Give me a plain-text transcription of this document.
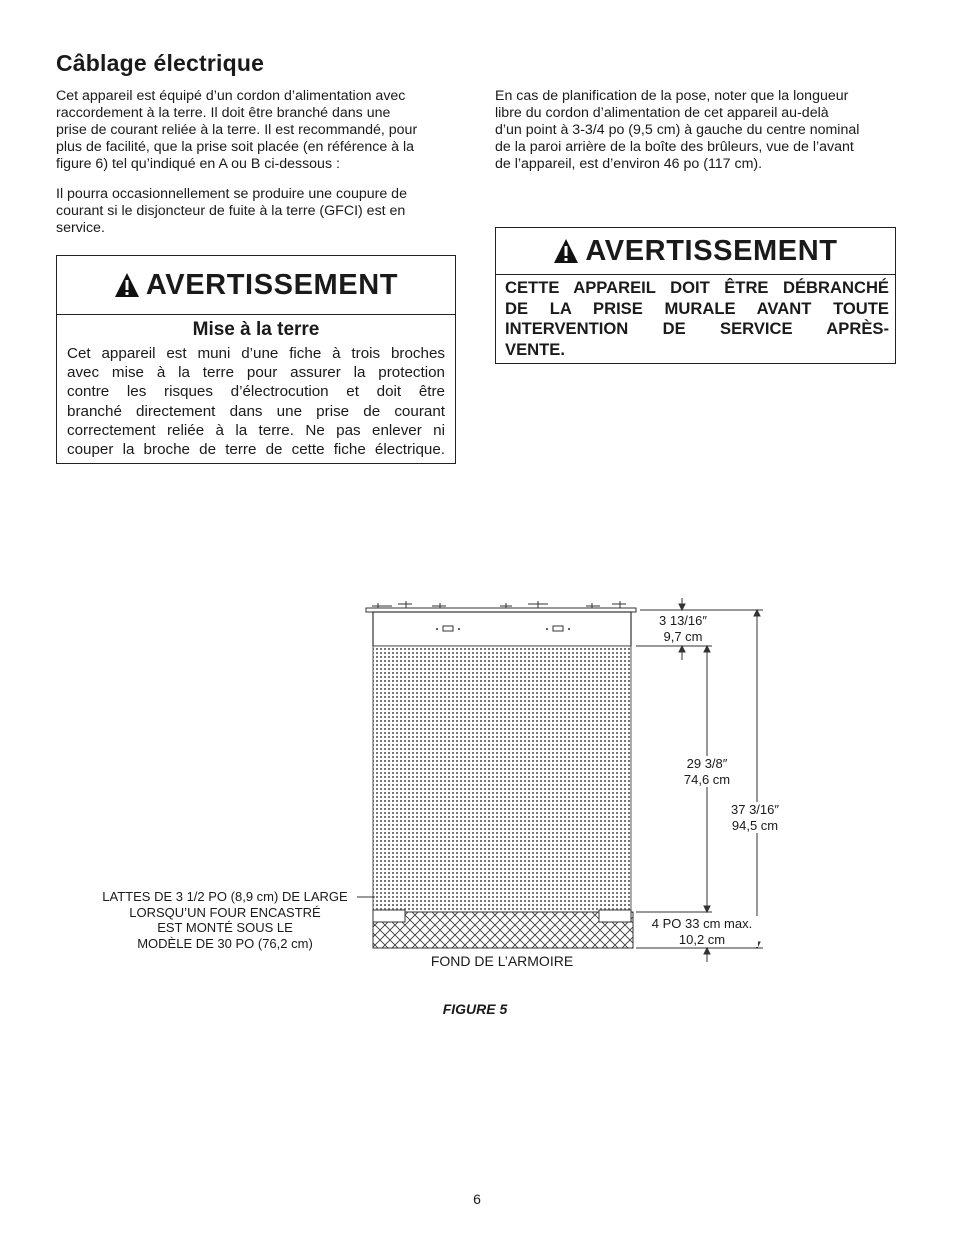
Câblage électrique

Cet appareil est équipé d’un cordon d’alimentation avec

raccordement à la terre. Il doit être branché dans une

prise de courant reliée à la terre. Il est recommandé, pour

plus de facilité, que la prise soit placée (en référence à la

figure 6) tel qu’indiqué en A ou B ci-dessous :

Il pourra occasionnellement se produire une coupure de

courant si le disjoncteur de fuite à la terre (GFCI) est en

service.

En cas de planification de la pose, noter que la longueur

libre du cordon d’alimentation de cet appareil au-delà

d’un point à 3-3/4 po (9,5 cm) à gauche du centre nominal

de la paroi arrière de la boîte des brûleurs, vue de l’avant

de l’appareil, est d’environ 46 po (117 cm).

AVERTISSEMENT

Mise à la terre

Cet appareil est muni d’une fiche à trois broches
avec mise à la terre pour assurer la protection
contre les risques d’électrocution et doit être
branché directement dans une prise de courant
correctement reliée à la terre. Ne pas enlever ni
couper la broche de terre de cette fiche électrique.
AVERTISSEMENT
CETTE APPAREIL DOIT ÊTRE DÉBRANCHÉ
DE LA PRISE MURALE AVANT TOUTE
INTERVENTION DE SERVICE APRÈS-
VENTE.
3 13/16″
9,7 cm
29 3/8″
74,6 cm
37 3/16″
94,5 cm
4 PO 33 cm max.
10,2 cm
LATTES DE 3 1/2 PO (8,9 cm) DE LARGE
LORSQU’UN FOUR ENCASTRÉ
EST MONTÉ SOUS LE
MODÈLE DE 30 PO (76,2 cm)
FOND DE L’ARMOIRE
FIGURE 5
6
